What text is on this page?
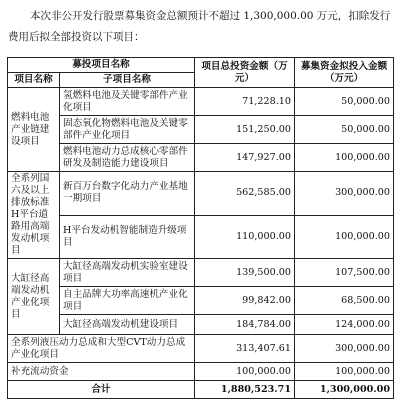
本次非公开发行股票募集资金总额预计不超过 1,300,000.00 万元，扣除发行

费用后拟全部投资以下项目：

募投项目名称		项目总投资金额（万元）	募集资金拟投入金额（万元）
项目名称	子项目名称		
燃料电池产业链建设项目	氢燃料电池及关键零部件产业化项目	71,228.10	50,000.00
	固态氧化物燃料电池及关键零部件产业化项目	151,250.00	50,000.00
	燃料电池动力总成核心零部件研发及制造能力建设项目	147,927.00	100,000.00
全系列国六及以上排放标准H平台道路用高端发动机项目	新百万台数字化动力产业基地一期项目	562,585.00	300,000.00
	H平台发动机智能制造升级项目	110,000.00	100,000.00
大缸径高端发动机产业化项目	大缸径高端发动机实验室建设项目	139,500.00	107,500.00
	自主品牌大功率高速机产业化项目	99,842.00	68,500.00
	大缸径高端发动机建设项目	184,784.00	124,000.00
全系列液压动力总成和大型CVT动力总成产业化项目		313,407.61	300,000.00
补充流动资金		100,000.00	100,000.00
合计		1,880,523.71	1,300,000.00
